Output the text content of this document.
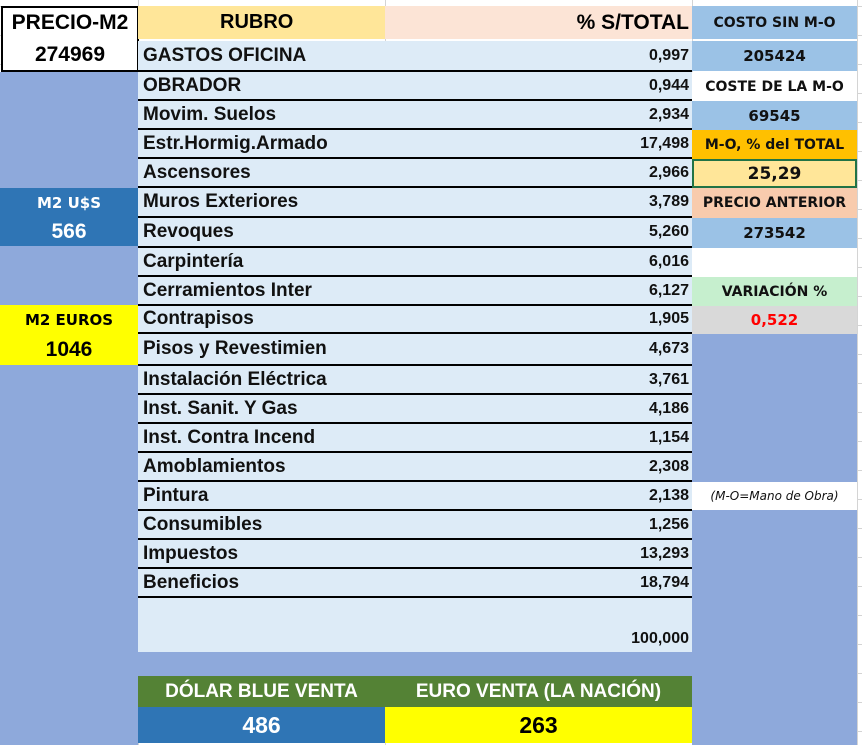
PRECIO-M2
274969
RUBRO	% S/TOTAL
GASTOS OFICINA	0,997
OBRADOR	0,944
Movim. Suelos	2,934
Estr.Hormig.Armado	17,498
Ascensores	2,966
Muros Exteriores	3,789
Revoques	5,260
Carpintería	6,016
Cerramientos Inter	6,127
Contrapisos	1,905
Pisos y Revestimien	4,673
Instalación Eléctrica	3,761
Inst. Sanit. Y Gas	4,186
Inst. Contra Incend	1,154
Amoblamientos	2,308
Pintura	2,138
Consumibles	1,256
Impuestos	13,293
Beneficios	18,794
100,000
M2 U$S
566
M2 EUROS
1046
COSTO SIN M-O
205424
COSTE DE LA M-O
69545
M-O, % del TOTAL
25,29
PRECIO ANTERIOR
273542
VARIACIÓN %
0,522
(M-O=Mano de Obra)
DÓLAR BLUE VENTA	EURO VENTA (LA NACIÓN)
486	263
